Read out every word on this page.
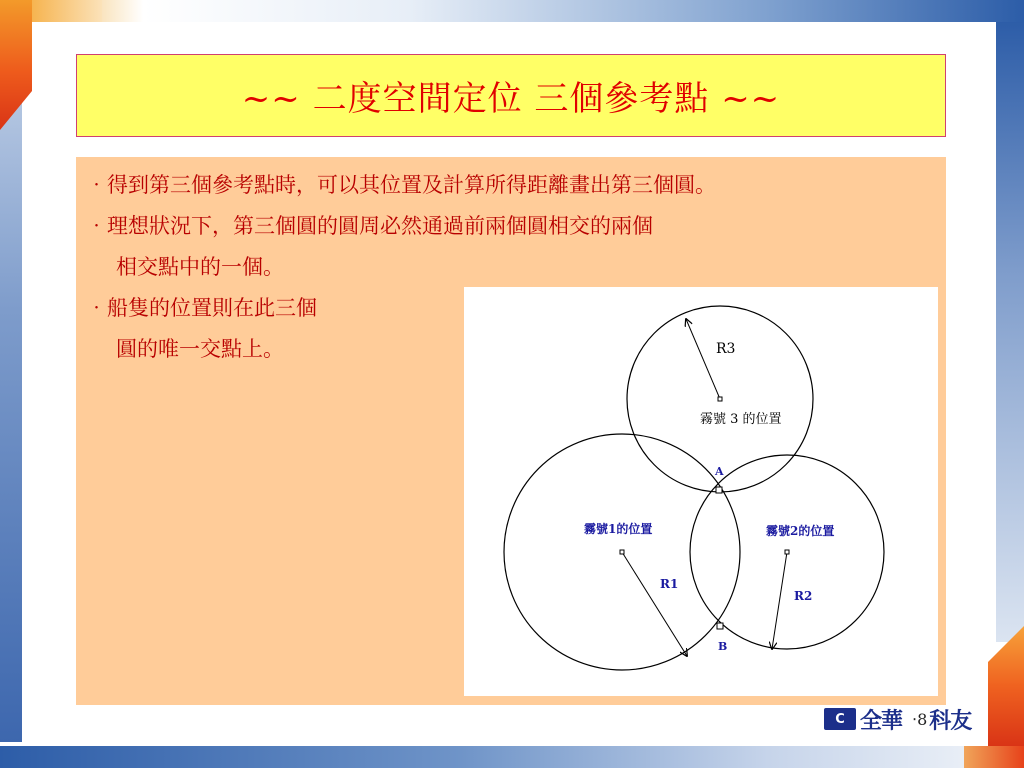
~~ 二度空間定位 三個參考點 ~~
‧得到第三個參考點時，可以其位置及計算所得距離畫出第三個圓。
‧理想狀況下，第三個圓的圓周必然通過前兩個圓相交的兩個
相交點中的一個。
‧船隻的位置則在此三個
圓的唯一交點上。	R3
霧號 3 的位置
A
霧號1的位置	霧號2的位置
R1
R2
B
C 全華 ‧8 科友
